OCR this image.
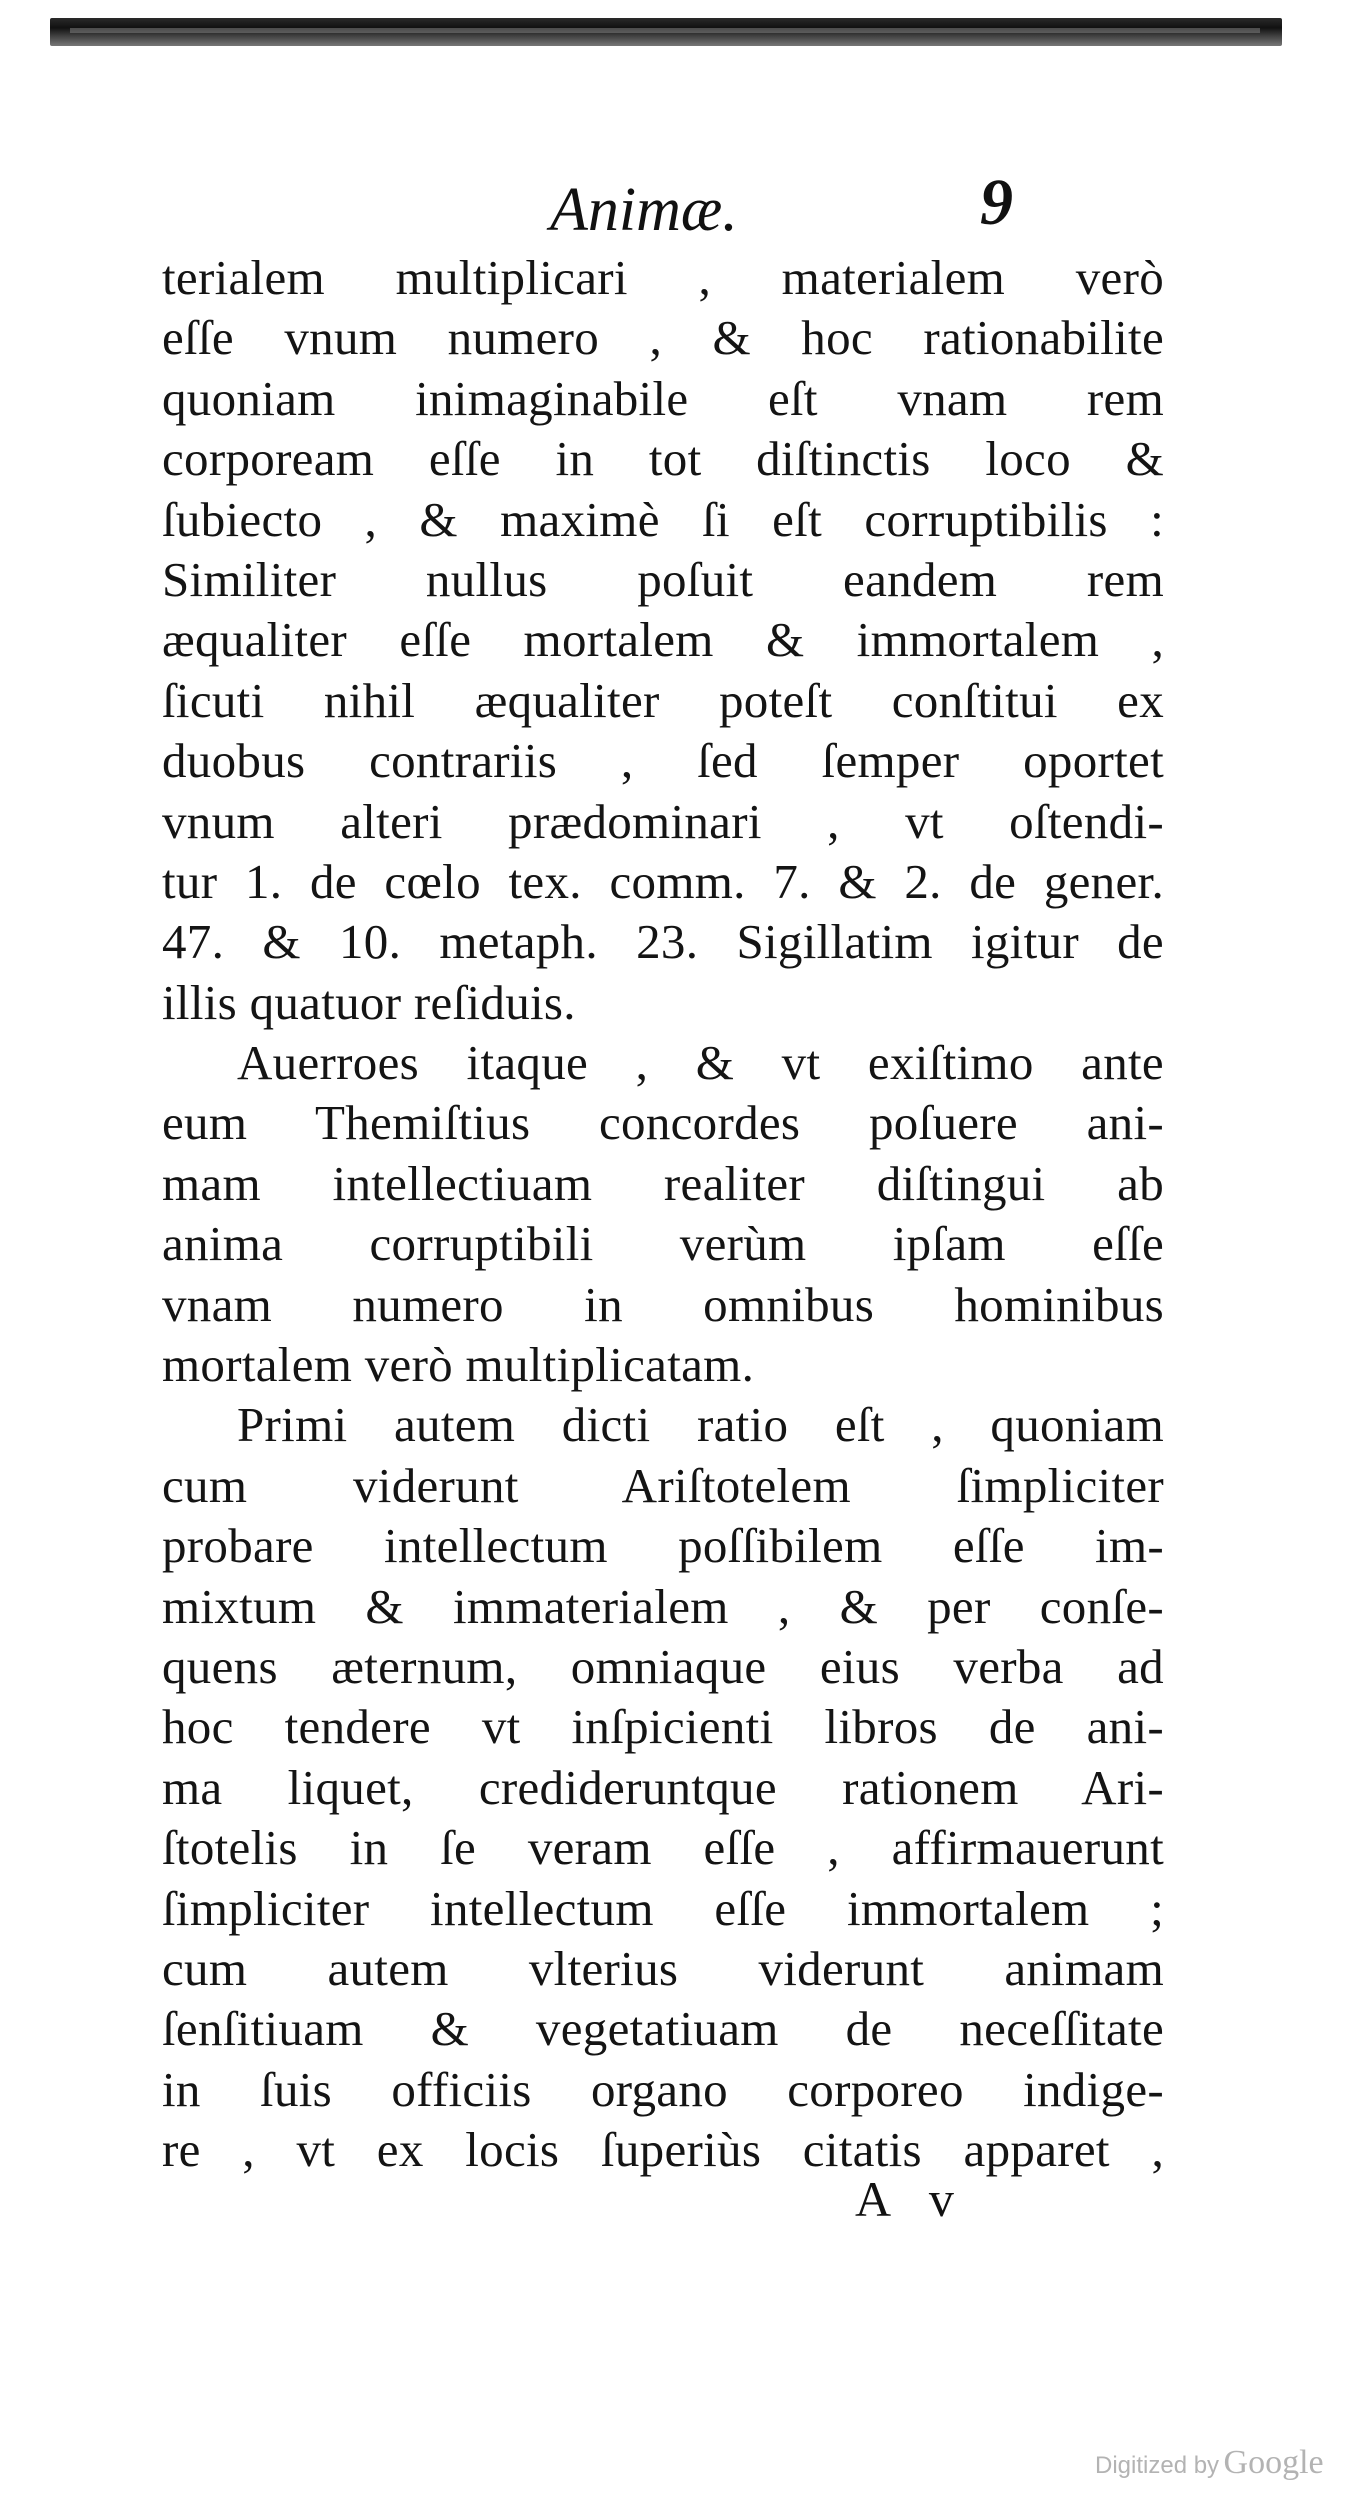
Animæ.	9
terialem multiplicari , materialem verò
eſſe vnum numero , & hoc rationabilite
quoniam inimaginabile eſt vnam rem
corpoream eſſe in tot diſtinctis loco &
ſubiecto , & maximè ſi eſt corruptibilis :
Similiter nullus poſuit eandem rem
æqualiter eſſe mortalem & immortalem ,
ſicuti nihil æqualiter poteſt conſtitui ex
duobus contrariis , ſed ſemper oportet
vnum alteri prædominari , vt oſtendi-
tur 1. de cœlo tex. comm. 7. & 2. de gener.
47. & 10. metaph. 23. Sigillatim igitur de
illis quatuor reſiduis.
Auerroes itaque , & vt exiſtimo ante
eum Themiſtius concordes poſuere ani-
mam intellectiuam realiter diſtingui ab
anima corruptibili verùm ipſam eſſe
vnam numero in omnibus hominibus
mortalem verò multiplicatam.
Primi autem dicti ratio eſt , quoniam
cum viderunt Ariſtotelem ſimpliciter
probare intellectum poſſibilem eſſe im-
mixtum & immaterialem , & per conſe-
quens æternum, omniaque eius verba ad
hoc tendere vt inſpicienti libros de ani-
ma liquet, credideruntque rationem Ari-
ſtotelis in ſe veram eſſe , affirmauerunt
ſimpliciter intellectum eſſe immortalem ;
cum autem vlterius viderunt animam
ſenſitiuam & vegetatiuam de neceſſitate
in ſuis officiis organo corporeo indige-
re , vt ex locis ſuperiùs citatis apparet ,
A v
Digitized by Google
